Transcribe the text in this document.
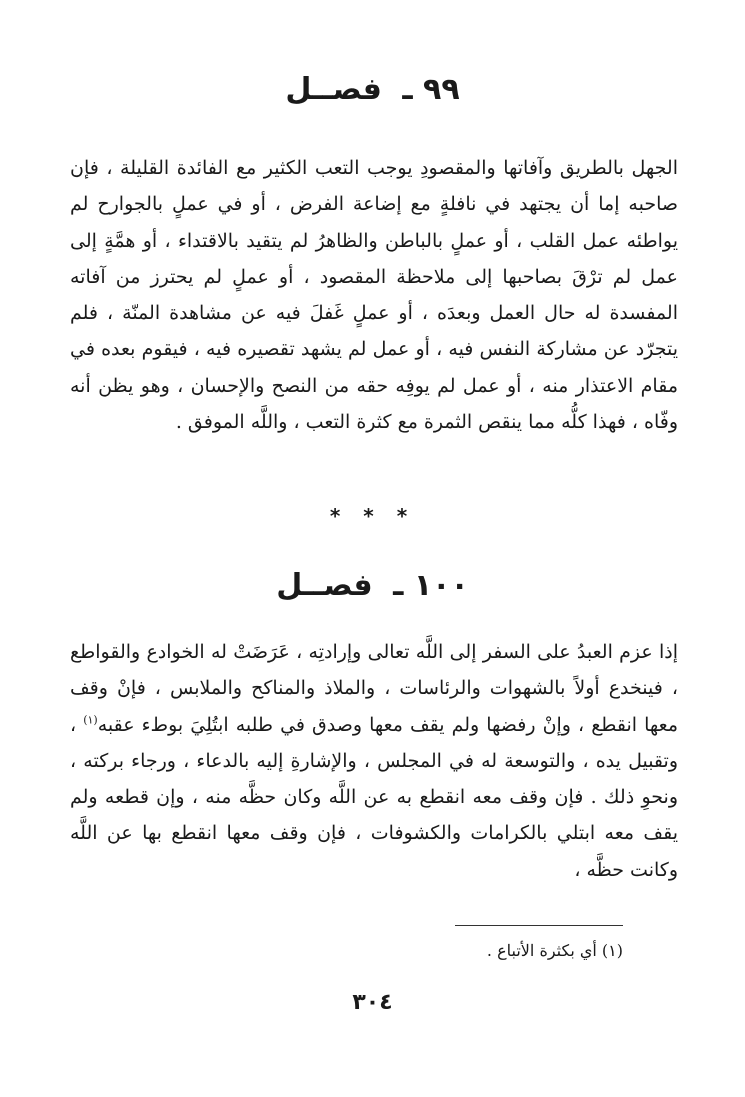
٩٩ ـ فصــل

الجهل بالطريق وآفاتها والمقصودِ يوجب التعب الكثير مع الفائدة القليلة ، فإن صاحبه إما أن يجتهد في نافلةٍ مع إضاعة الفرض ، أو في عملٍ بالجوارح لم يواطئه عمل القلب ، أو عملٍ بالباطن والظاهرُ لم يتقيد بالاقتداء ، أو همَّةٍ إلى عمل لم ترْقَ بصاحبها إلى ملاحظة المقصود ، أو عملٍ لم يحترز من آفاته المفسدة له حال العمل وبعدَه ، أو عملٍ غَفلَ فيه عن مشاهدة المنّة ، فلم يتجرّد عن مشاركة النفس فيه ، أو عمل لم يشهد تقصيره فيه ، فيقوم بعده في مقام الاعتذار منه ، أو عمل لم يوفِه حقه من النصح والإحسان ، وهو يظن أنه وفّاه ، فهذا كلُّه مما ينقص الثمرة مع كثرة التعب ، واللَّه الموفق .

* * *
١٠٠ ـ فصــل

إذا عزم العبدُ على السفر إلى اللَّه تعالى وإرادتِه ، عَرَضَتْ له الخوادع والقواطع ، فينخدع أولاً بالشهوات والرئاسات ، والملاذ والمناكح والملابس ، فإنْ وقف معها انقطع ، وإنْ رفضها ولم يقف معها وصدق في طلبه ابتُلِيَ بوطء عقبه$^{(١)}$ ، وتقبيل يده ، والتوسعة له في المجلس ، والإشارةِ إليه بالدعاء ، ورجاء بركته ، ونحوِ ذلك . فإن وقف معه انقطع به عن اللَّه وكان حظَّه منه ، وإن قطعه ولم يقف معه ابتلي بالكرامات والكشوفات ، فإن وقف معها انقطع بها عن اللَّه وكانت حظَّه ،

(١) أي بكثرة الأتباع .
٣٠٤
